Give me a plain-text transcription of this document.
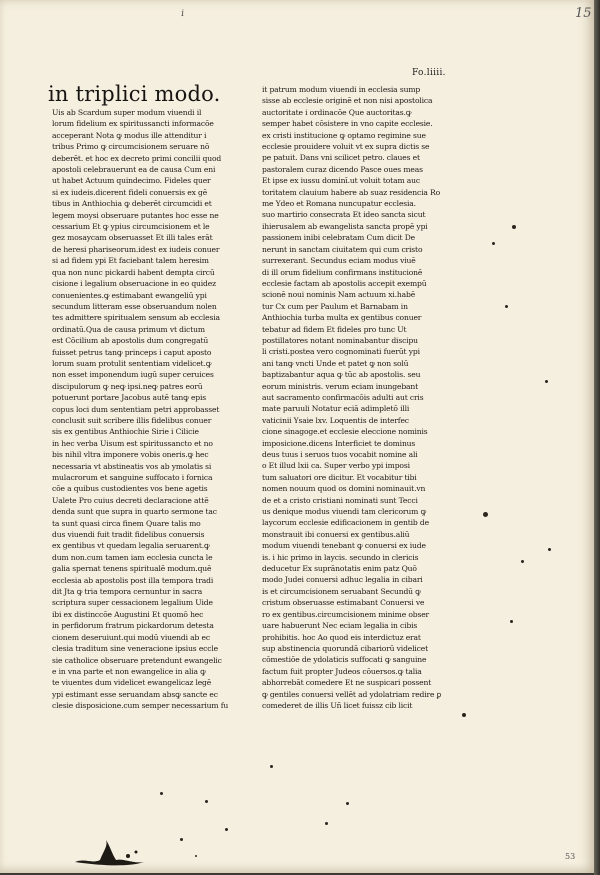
i	15
Fo.liiii.
in triplici modo.
Uis ab Scardum super modum viuendi il
lorum fidelium ex spiritussancti informacōe
acceperant Nota ꝙ modus ille attenditur i
tribus Primo ꝙ circumcisionem seruare nō
deberēt. et hoc ex decreto primi concilii quod
apostoli celebrauerunt ea de causa Cum eni
ut habet Actuum quindecimo. Fideles quer
si ex iudeis.dicerent fideli conuersis ex gē
tibus in Anthiochia ꝙ deberēt circumcidi et
legem moysi obseruare putantes hoc esse ne
cessarium Et ꝙ ypius circumcisionem et le
gez mosaycam obseruasset Et illi tales erāt
de heresi phariseorum.idest ex iudeis conuer
si ad fidem ypi Et faciebant talem heresim
qua non nunc pickardi habent dempta circū
cisione i legalium obseruacione in eo quidez
conuenientes.ꝙ estimabant ewangeliū ypi
secundum litteram esse obseruandum nolen
tes admittere spiritualem sensum ab ecclesia
ordinatū.Qua de causa primum vt dictum
est Cōcilium ab apostolis dum congregatū
fuisset petrus tanꝙ princeps i caput aposto
lorum suam protulit sententiam videlicet.ꝙ
non esset imponendum iugū super ceruices
discipulorum ꝙ neꝙ ipsi.neꝙ patres eorū
potuerunt portare Jacobus autē tanꝙ epis
copus loci dum sententiam petri approbasset
conclusit suit scribere illis fidelibus conuer
sis ex gentibus Anthiochie Sirie i Cilicie
in hec verba Uisum est spiritussancto et no
bis nihil vltra imponere vobis oneris.ꝙ hec
necessaria vt abstineatis vos ab ymolatis si
mulacrorum et sanguine suffocato i fornica
cōe a quibus custodientes vos bene agetis
Ualete Pro cuius decreti declaracione attē
denda sunt que supra in quarto sermone tac
ta sunt quasi circa finem Quare talis mo
dus viuendi fuit tradit fidelibus conuersis
ex gentibus vt quedam legalia seruarent.ꝙ
dum non.cum tamen iam ecclesia cuncta le
galia spernat tenens spiritualē modum.quē
ecclesia ab apostolis post illa tempora tradi
dit Jta ꝙ tria tempora cernuntur in sacra
scriptura super cessacionem legalium Uide
ibi ex distinccōe Augustini Et quomō hec
in perfidorum fratrum pickardorum detesta
cionem deseruiunt.qui modū viuendi ab ec
clesia traditum sine veneracione ipsius eccle
sie catholice obseruare pretendunt ewangelic
e in vna parte et non ewangelice in alia ꝙ
te viuentes dum videlicet ewangelicaz legē
ypi estimant esse seruandam absꝙ sancte ec
clesie disposicione.cum semper necessarium fu
it patrum modum viuendi in ecclesia sump
sisse ab ecclesie originē et non nisi apostolica
auctoritate i ordinacōe Que auctoritas.ꝙ
semper habet cōsistere in vno capite ecclesie.
ex cristi institucione ꝙ optamo regimine sue
ecclesie prouidere voluit vt ex supra dictis se
pe patuit. Dans vni scilicet petro. claues et
pastoralem curaz dicendo Pasce oues meas
Et ipse ex iussu dominī.ut voluit totam auc
toritatem clauium habere ab suaz residencia Ro
me Ydeo et Romana nuncupatur ecclesia.
suo martirio consecrata Et ideo sancta sicut
ihierusalem ab ewangelista sancta propē ypi
passionem inibi celebratam Cum dicit De
nerunt in sanctam ciuitatem qui cum cristo
surrexerant. Secundus eciam modus viuē
di ill orum fidelium confirmans institucionē
ecclesie factam ab apostolis accepit exempū
scionē noui nominis Nam actuum xi.habē
tur Cx cum per Paulum et Barnabam in
Anthiochia turba multa ex gentibus conuer
tebatur ad fidem Et fideles pro tunc Ut
postillatores notant nominabantur discipu
li cristi.postea vero cognominati fuerūt ypi
ani tanꝙ vncti Unde et patet ꝙ non solū
baptizabantur aqua ꝙ tūc ab apostolis. seu
eorum ministris. verum eciam inungebant
aut sacramento confirmacōis adulti aut cris
mate paruuli Notatur eciā adimpletō illi
vaticinii Ysaie lxv. Loquentis de interfec
cione sinagoge.et ecclesie eleccione nominis
imposicione.dicens Interficiet te dominus
deus tuus i seruos tuos vocabit nomine ali
o Et illud lxii ca. Super verbo ypi imposi
tum saluatori ore dicitur. Et vocabitur tibi
nomen nouum quod os domini nominauit.vn
de et a cristo cristiani nominati sunt Tecci
us denique modus viuendi tam clericorum ꝙ
laycorum ecclesie edificacionem in gentib de
monstrauit ibi conuersi ex gentibus.aliū
modum viuendi tenebant ꝙ conuersi ex iude
is. i hic primo in laycis. secundo in clericis
deducetur Ex suprānotatis enim patz Quō
modo Judei conuersi adhuc legalia in cibari
is et circumcisionem seruabant Secundū ꝙ
cristum obseruasse estimabant Conuersi ve
ro ex gentibus.circumcisionem minime obser
uare habuerunt Nec eciam legalia in cibis
prohibitis. hoc Ao quod eis interdictuz erat
sup abstinencia quorundā cibariorū videlicet
cōmestiōe de ydolaticis suffocati ꝙ sanguine
factum fuit propter Judeos cōuersos.ꝙ talia
abhorrebāt comedere Et ne suspicari possent
ꝙ gentiles conuersi vellēt ad ydolatriam redire ꝑ
comederet de illis Uñ licet fuissz cib licit
53
